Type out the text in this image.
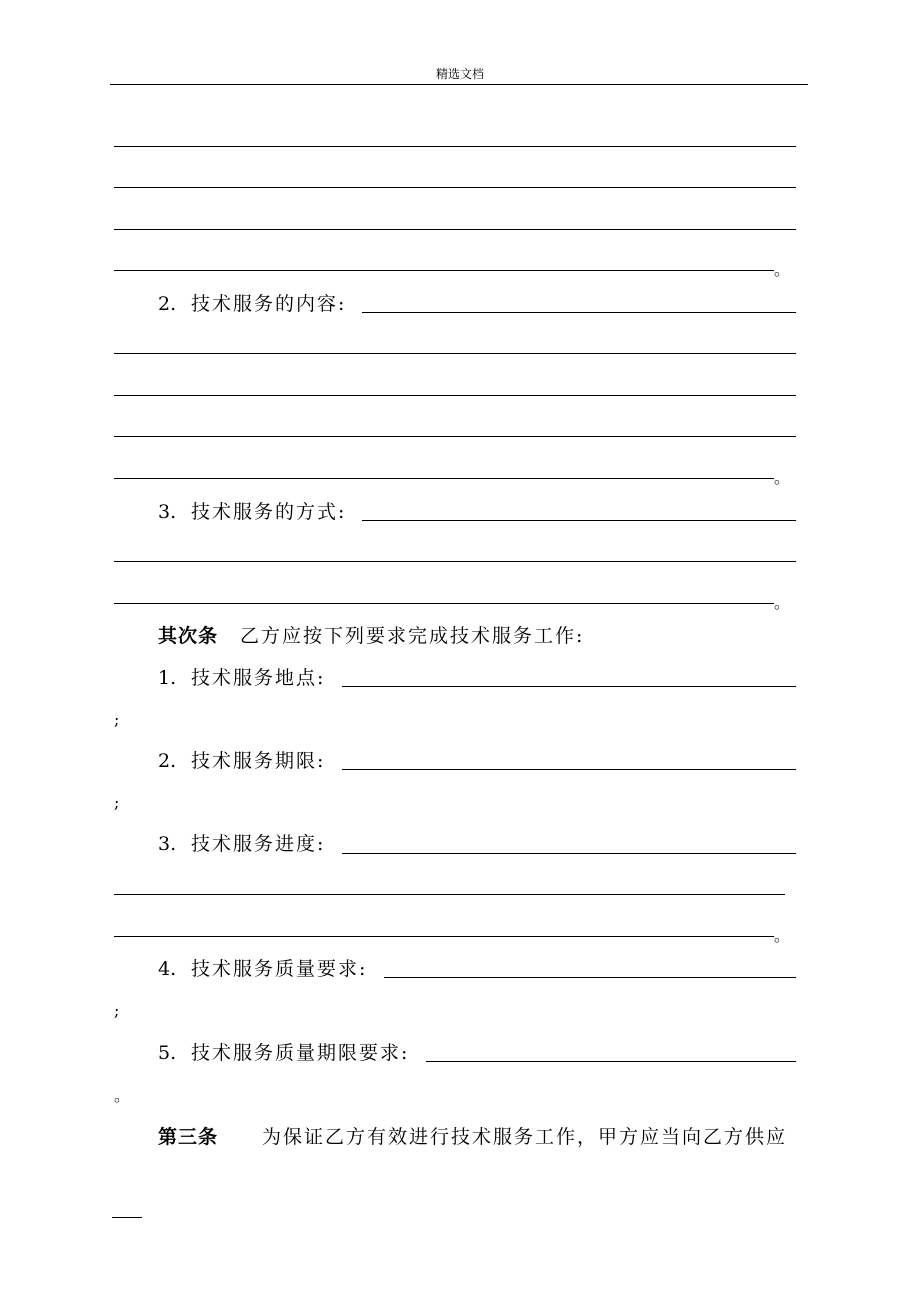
精选文档
。
2. 技术服务的内容:
。
3. 技术服务的方式:
。
其次条 乙方应按下列要求完成技术服务工作:
1. 技术服务地点:
;
2. 技术服务期限:
;
3. 技术服务进度:
。
4. 技术服务质量要求:
;
5. 技术服务质量期限要求:
。
第三条 为保证乙方有效进行技术服务工作，甲方应当向乙方供应
